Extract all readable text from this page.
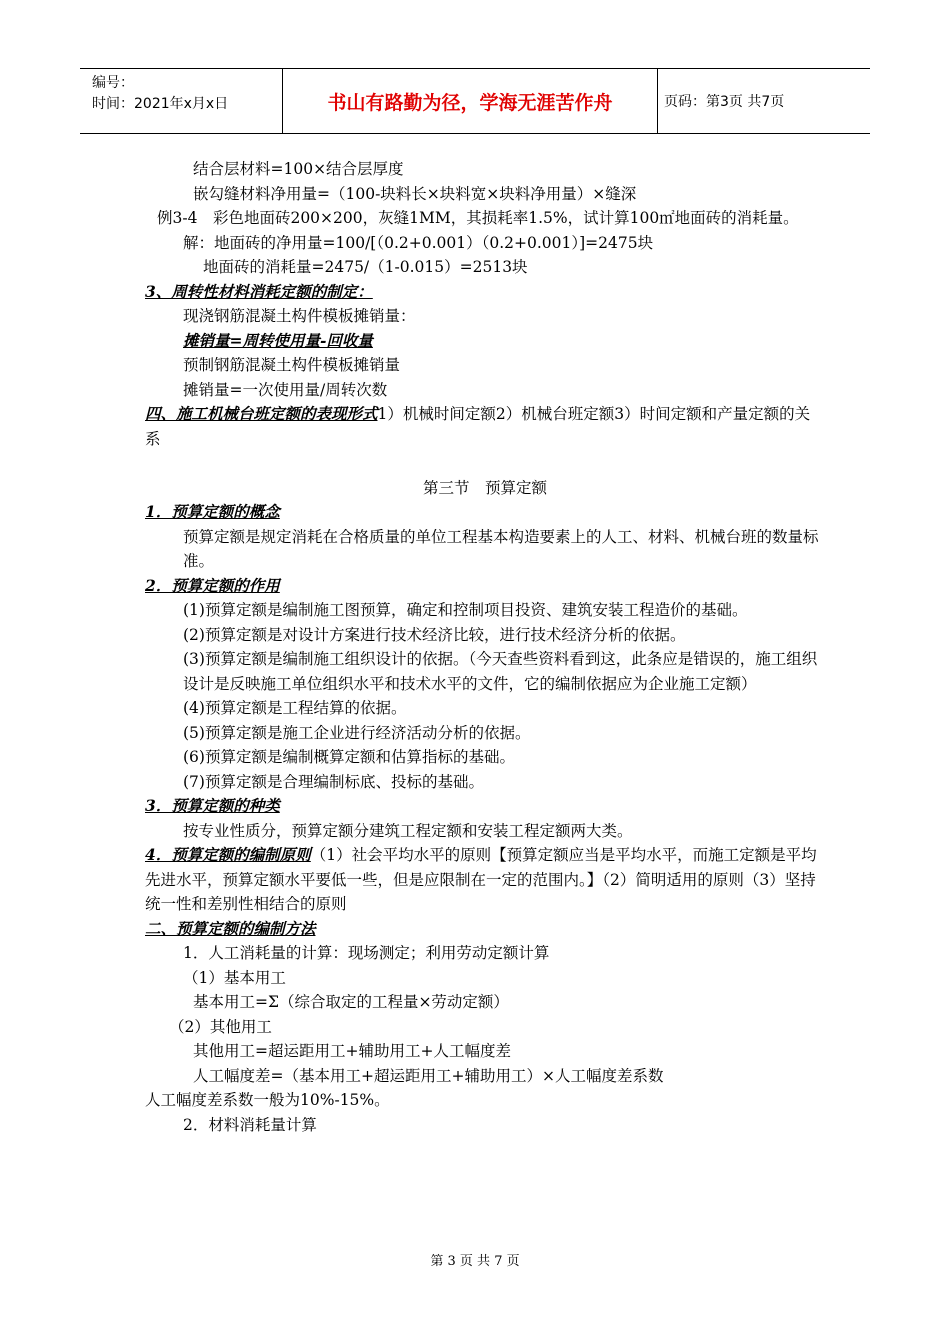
编号：
时间：2021年x月x日	书山有路勤为径，学海无涯苦作舟	页码：第3页 共7页

结合层材料=100×结合层厚度

嵌勾缝材料净用量=（100-块料长×块料宽×块料净用量）×缝深

例3-4　彩色地面砖200×200，灰缝1MM，其损耗率1.5%，试计算100㎡地面砖的消耗量。

解：地面砖的净用量=100/[（0.2+0.001）（0.2+0.001）]=2475块

地面砖的消耗量=2475/（1-0.015）=2513块

3、周转性材料消耗定额的制定：

现浇钢筋混凝土构件模板摊销量：

摊销量=周转使用量-回收量

预制钢筋混凝土构件模板摊销量

摊销量=一次使用量/周转次数

四、施工机械台班定额的表现形式1）机械时间定额2）机械台班定额3）时间定额和产量定额的关系

第三节　预算定额

1．预算定额的概念

预算定额是规定消耗在合格质量的单位工程基本构造要素上的人工、材料、机械台班的数量标准。

2．预算定额的作用

(1)预算定额是编制施工图预算，确定和控制项目投资、建筑安装工程造价的基础。

(2)预算定额是对设计方案进行技术经济比较，进行技术经济分析的依据。

(3)预算定额是编制施工组织设计的依据。（今天查些资料看到这，此条应是错误的，施工组织设计是反映施工单位组织水平和技术水平的文件，它的编制依据应为企业施工定额）

(4)预算定额是工程结算的依据。

(5)预算定额是施工企业进行经济活动分析的依据。

(6)预算定额是编制概算定额和估算指标的基础。

(7)预算定额是合理编制标底、投标的基础。

3．预算定额的种类

按专业性质分，预算定额分建筑工程定额和安装工程定额两大类。

4．预算定额的编制原则（1）社会平均水平的原则【预算定额应当是平均水平，而施工定额是平均先进水平，预算定额水平要低一些，但是应限制在一定的范围内。】（2）简明适用的原则（3）坚持统一性和差别性相结合的原则

二、预算定额的编制方法

1．人工消耗量的计算：现场测定；利用劳动定额计算

（1）基本用工

基本用工=Σ（综合取定的工程量×劳动定额）

（2）其他用工

其他用工=超运距用工+辅助用工+人工幅度差

人工幅度差=（基本用工+超运距用工+辅助用工）×人工幅度差系数

人工幅度差系数一般为10%-15%。

2．材料消耗量计算

第 3 页 共 7 页
